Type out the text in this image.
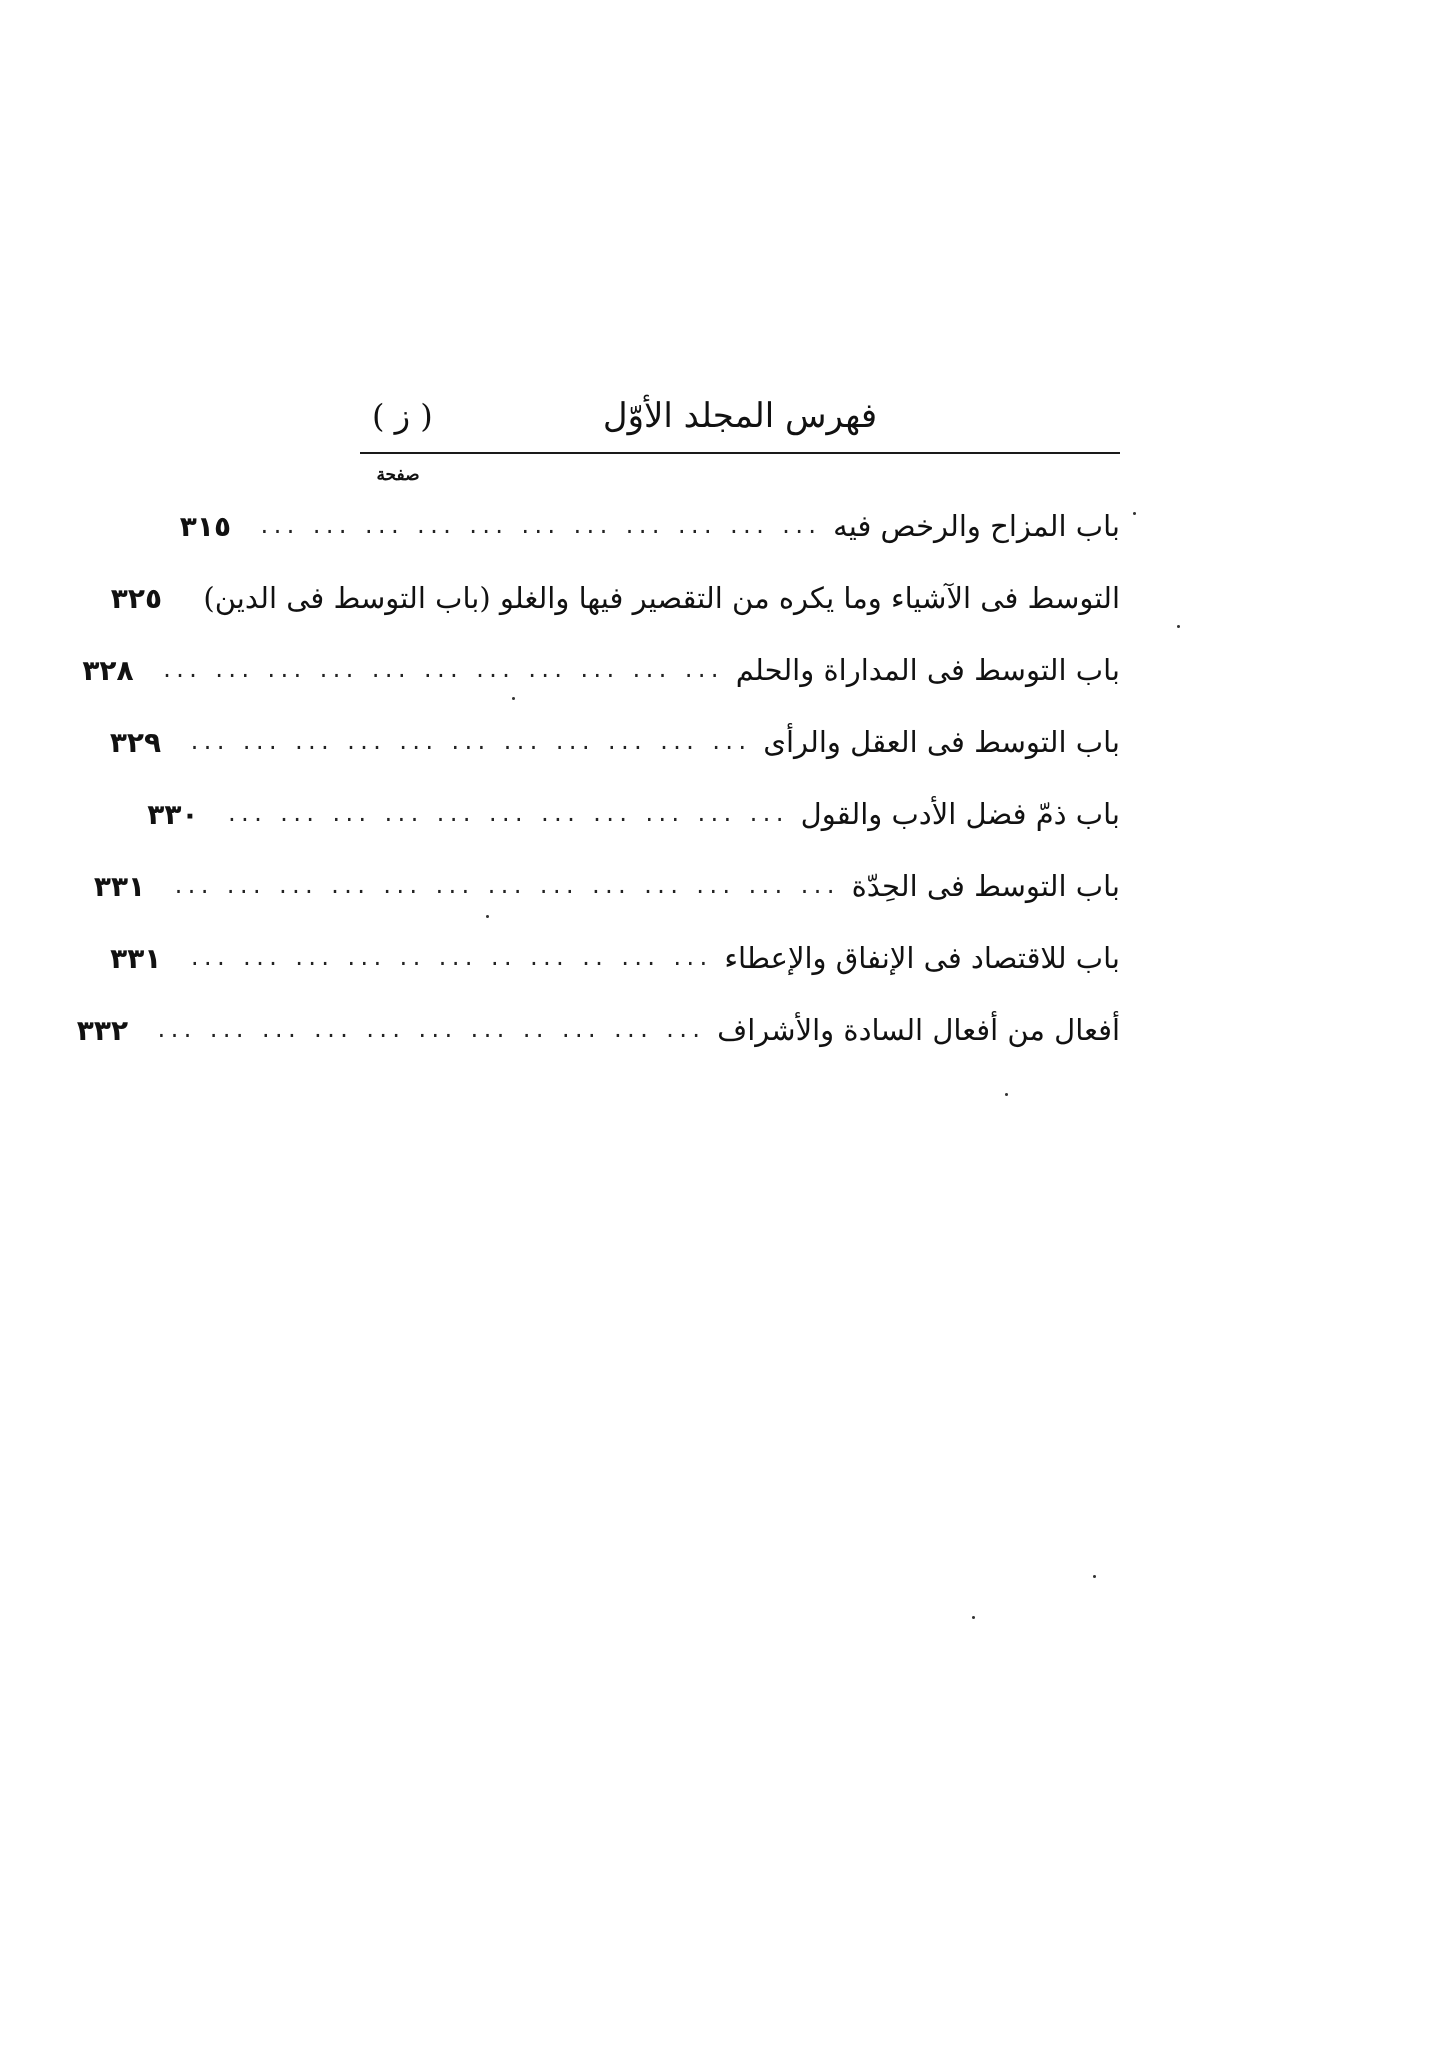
فهرس المجلد الأوّل
( ز )
صفحة
باب المزاح والرخص فيه
... ... ... ... ... ... ... ... ... ... ...
٣١٥
التوسط فى الآشياء وما يكره من التقصير فيها والغلو (باب التوسط فى الدين)
٣٢٥
باب التوسط فى المداراة والحلم
... ... ... ... ... ... ... ... ... ... ...
٣٢٨
باب التوسط فى العقل والرأى
... ... ... ... ... ... ... ... ... ... ...
٣٢٩
باب ذمّ فضل الأدب والقول
... ... ... ... ... ... ... ... ... ... ...
٣٣٠
باب التوسط فى الحِدّة
... ... ... ... ... ... ... ... ... ... ... ... ...
٣٣١
باب للاقتصاد فى الإنفاق والإعطاء
... ... ... ... .. ... .. ... .. ... ...
٣٣١
أفعال من أفعال السادة والأشراف
... ... ... ... ... ... ... .. ... ... ...
٣٣٢
